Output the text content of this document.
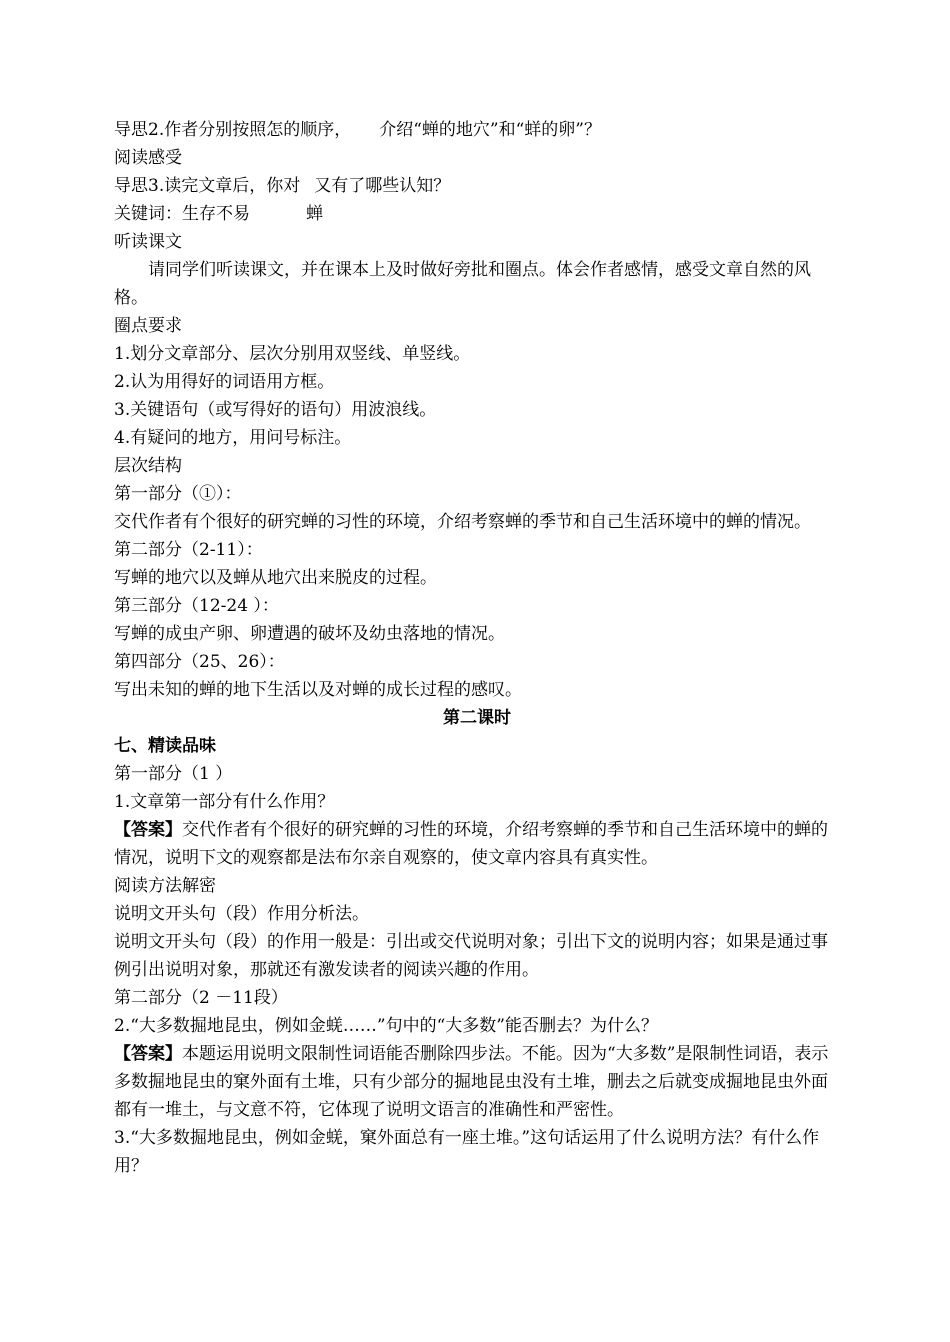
导思2.作者分别按照怎的顺序， 介绍“蝉的地穴”和“蛘的卵”？
阅读感受
导思3.读完文章后，你对 又有了哪些认知？
关键词：生存不易	蝉
听读课文
请同学们听读课文，并在课本上及时做好旁批和圈点。体会作者感情，感受文章自然的风格。
圈点要求
1.划分文章部分、层次分别用双竖线、单竖线。
2.认为用得好的词语用方框。
3.关键语句（或写得好的语句）用波浪线。
4.有疑问的地方，用问号标注。
层次结构
第一部分（①）：
交代作者有个很好的研究蝉的习性的环境，介绍考察蝉的季节和自己生活环境中的蝉的情况。
第二部分（2-11）：
写蝉的地穴以及蝉从地穴出来脱皮的过程。
第三部分（12-24 ）：
写蝉的成虫产卵、卵遭遇的破坏及幼虫落地的情况。
第四部分（25、26）：
写出未知的蝉的地下生活以及对蝉的成长过程的感叹。
第二课时
七、精读品味
第一部分（1 ）
1.文章第一部分有什么作用？
【答案】交代作者有个很好的研究蝉的习性的环境，介绍考察蝉的季节和自己生活环境中的蝉的情况，说明下文的观察都是法布尔亲自观察的，使文章内容具有真实性。
阅读方法解密
说明文开头句（段）作用分析法。
说明文开头句（段）的作用一般是：引出或交代说明对象；引出下文的说明内容；如果是通过事例引出说明对象，那就还有激发读者的阅读兴趣的作用。
第二部分（2 －11段）
2.“大多数掘地昆虫，例如金蜣……”句中的“大多数”能否删去？为什么？
【答案】本题运用说明文限制性词语能否删除四步法。不能。因为“大多数”是限制性词语，表示多数掘地昆虫的窠外面有土堆，只有少部分的掘地昆虫没有土堆，删去之后就变成掘地昆虫外面都有一堆土，与文意不符，它体现了说明文语言的准确性和严密性。
3.“大多数掘地昆虫，例如金蜣，窠外面总有一座土堆。”这句话运用了什么说明方法？有什么作用？
